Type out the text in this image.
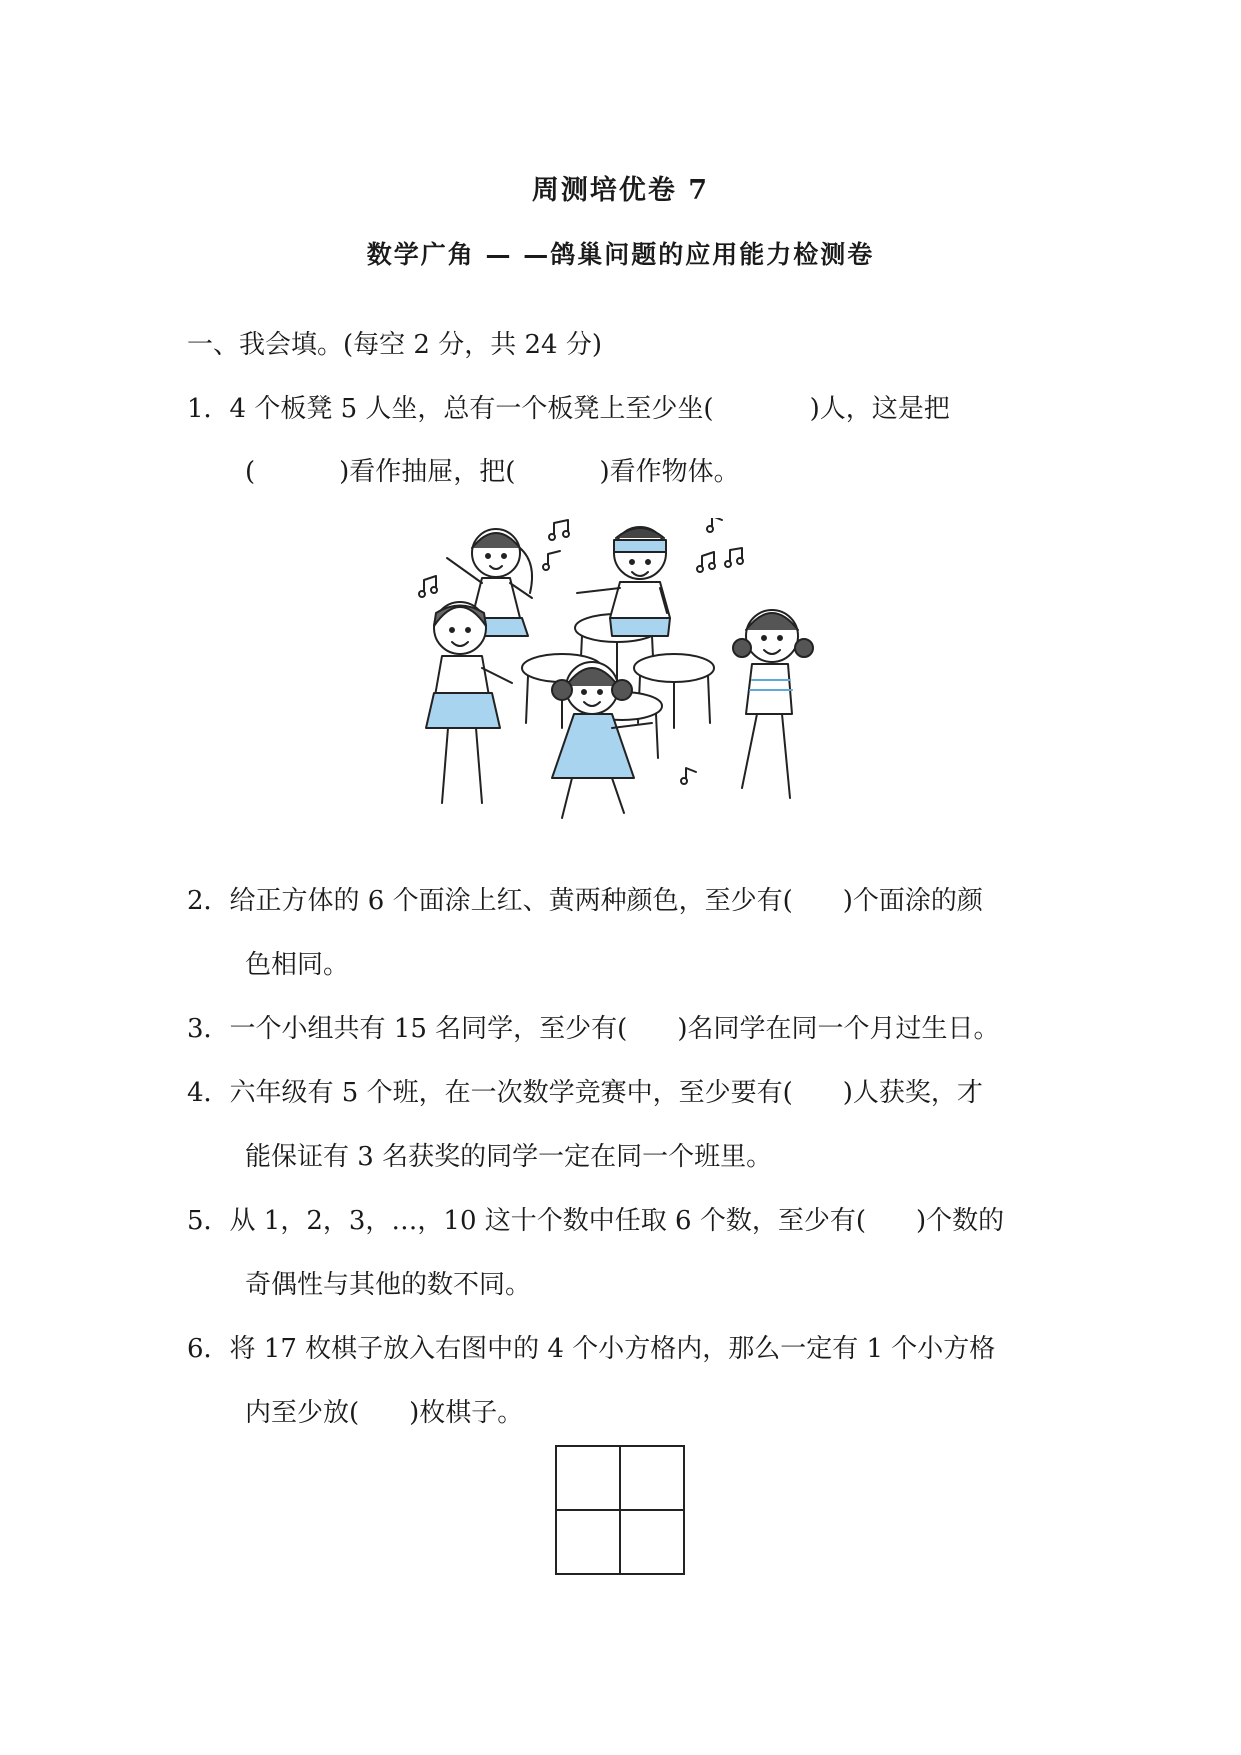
周测培优卷 7
数学广角 — —鸽巢问题的应用能力检测卷
一、我会填。(每空 2 分，共 24 分)
1．4 个板凳 5 人坐，总有一个板凳上至少坐(	)人，这是把
(	)看作抽屉，把(	)看作物体。
2．给正方体的 6 个面涂上红、黄两种颜色，至少有( )个面涂的颜
色相同。
3．一个小组共有 15 名同学，至少有( )名同学在同一个月过生日。
4．六年级有 5 个班，在一次数学竞赛中，至少要有( )人获奖，才
能保证有 3 名获奖的同学一定在同一个班里。
5．从 1，2，3，…，10 这十个数中任取 6 个数，至少有( )个数的
奇偶性与其他的数不同。
6．将 17 枚棋子放入右图中的 4 个小方格内，那么一定有 1 个小方格
内至少放( )枚棋子。
